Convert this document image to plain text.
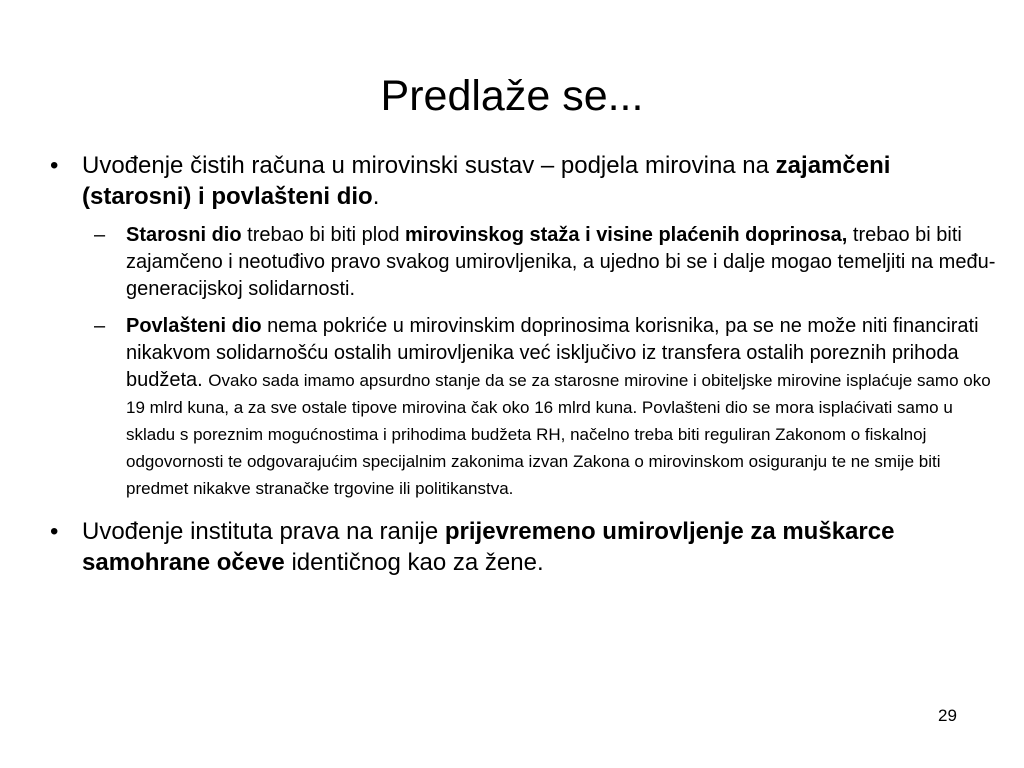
Predlaže se...
• Uvođenje čistih računa u mirovinski sustav – podjela mirovina na zajamčeni (starosni) i povlašteni dio.
– Starosni dio trebao bi biti plod mirovinskog staža i visine plaćenih doprinosa, trebao bi biti zajamčeno i neotuđivo pravo svakog umirovljenika, a ujedno bi se i dalje mogao temeljiti na među-generacijskoj solidarnosti.
– Povlašteni dio nema pokriće u mirovinskim doprinosima korisnika, pa se ne može niti financirati nikakvom solidarnošću ostalih umirovljenika već isključivo iz transfera ostalih poreznih prihoda budžeta. Ovako sada imamo apsurdno stanje da se za starosne mirovine i obiteljske mirovine isplaćuje samo oko 19 mlrd kuna, a za sve ostale tipove mirovina čak oko 16 mlrd kuna. Povlašteni dio se mora isplaćivati samo u skladu s poreznim mogućnostima i prihodima budžeta RH, načelno treba biti reguliran Zakonom o fiskalnoj odgovornosti te odgovarajućim specijalnim zakonima izvan Zakona o mirovinskom osiguranju te ne smije biti predmet nikakve stranačke trgovine ili politikanstva.
• Uvođenje instituta prava na ranije prijevremeno umirovljenje za muškarce samohrane očeve identičnog kao za žene.
29
